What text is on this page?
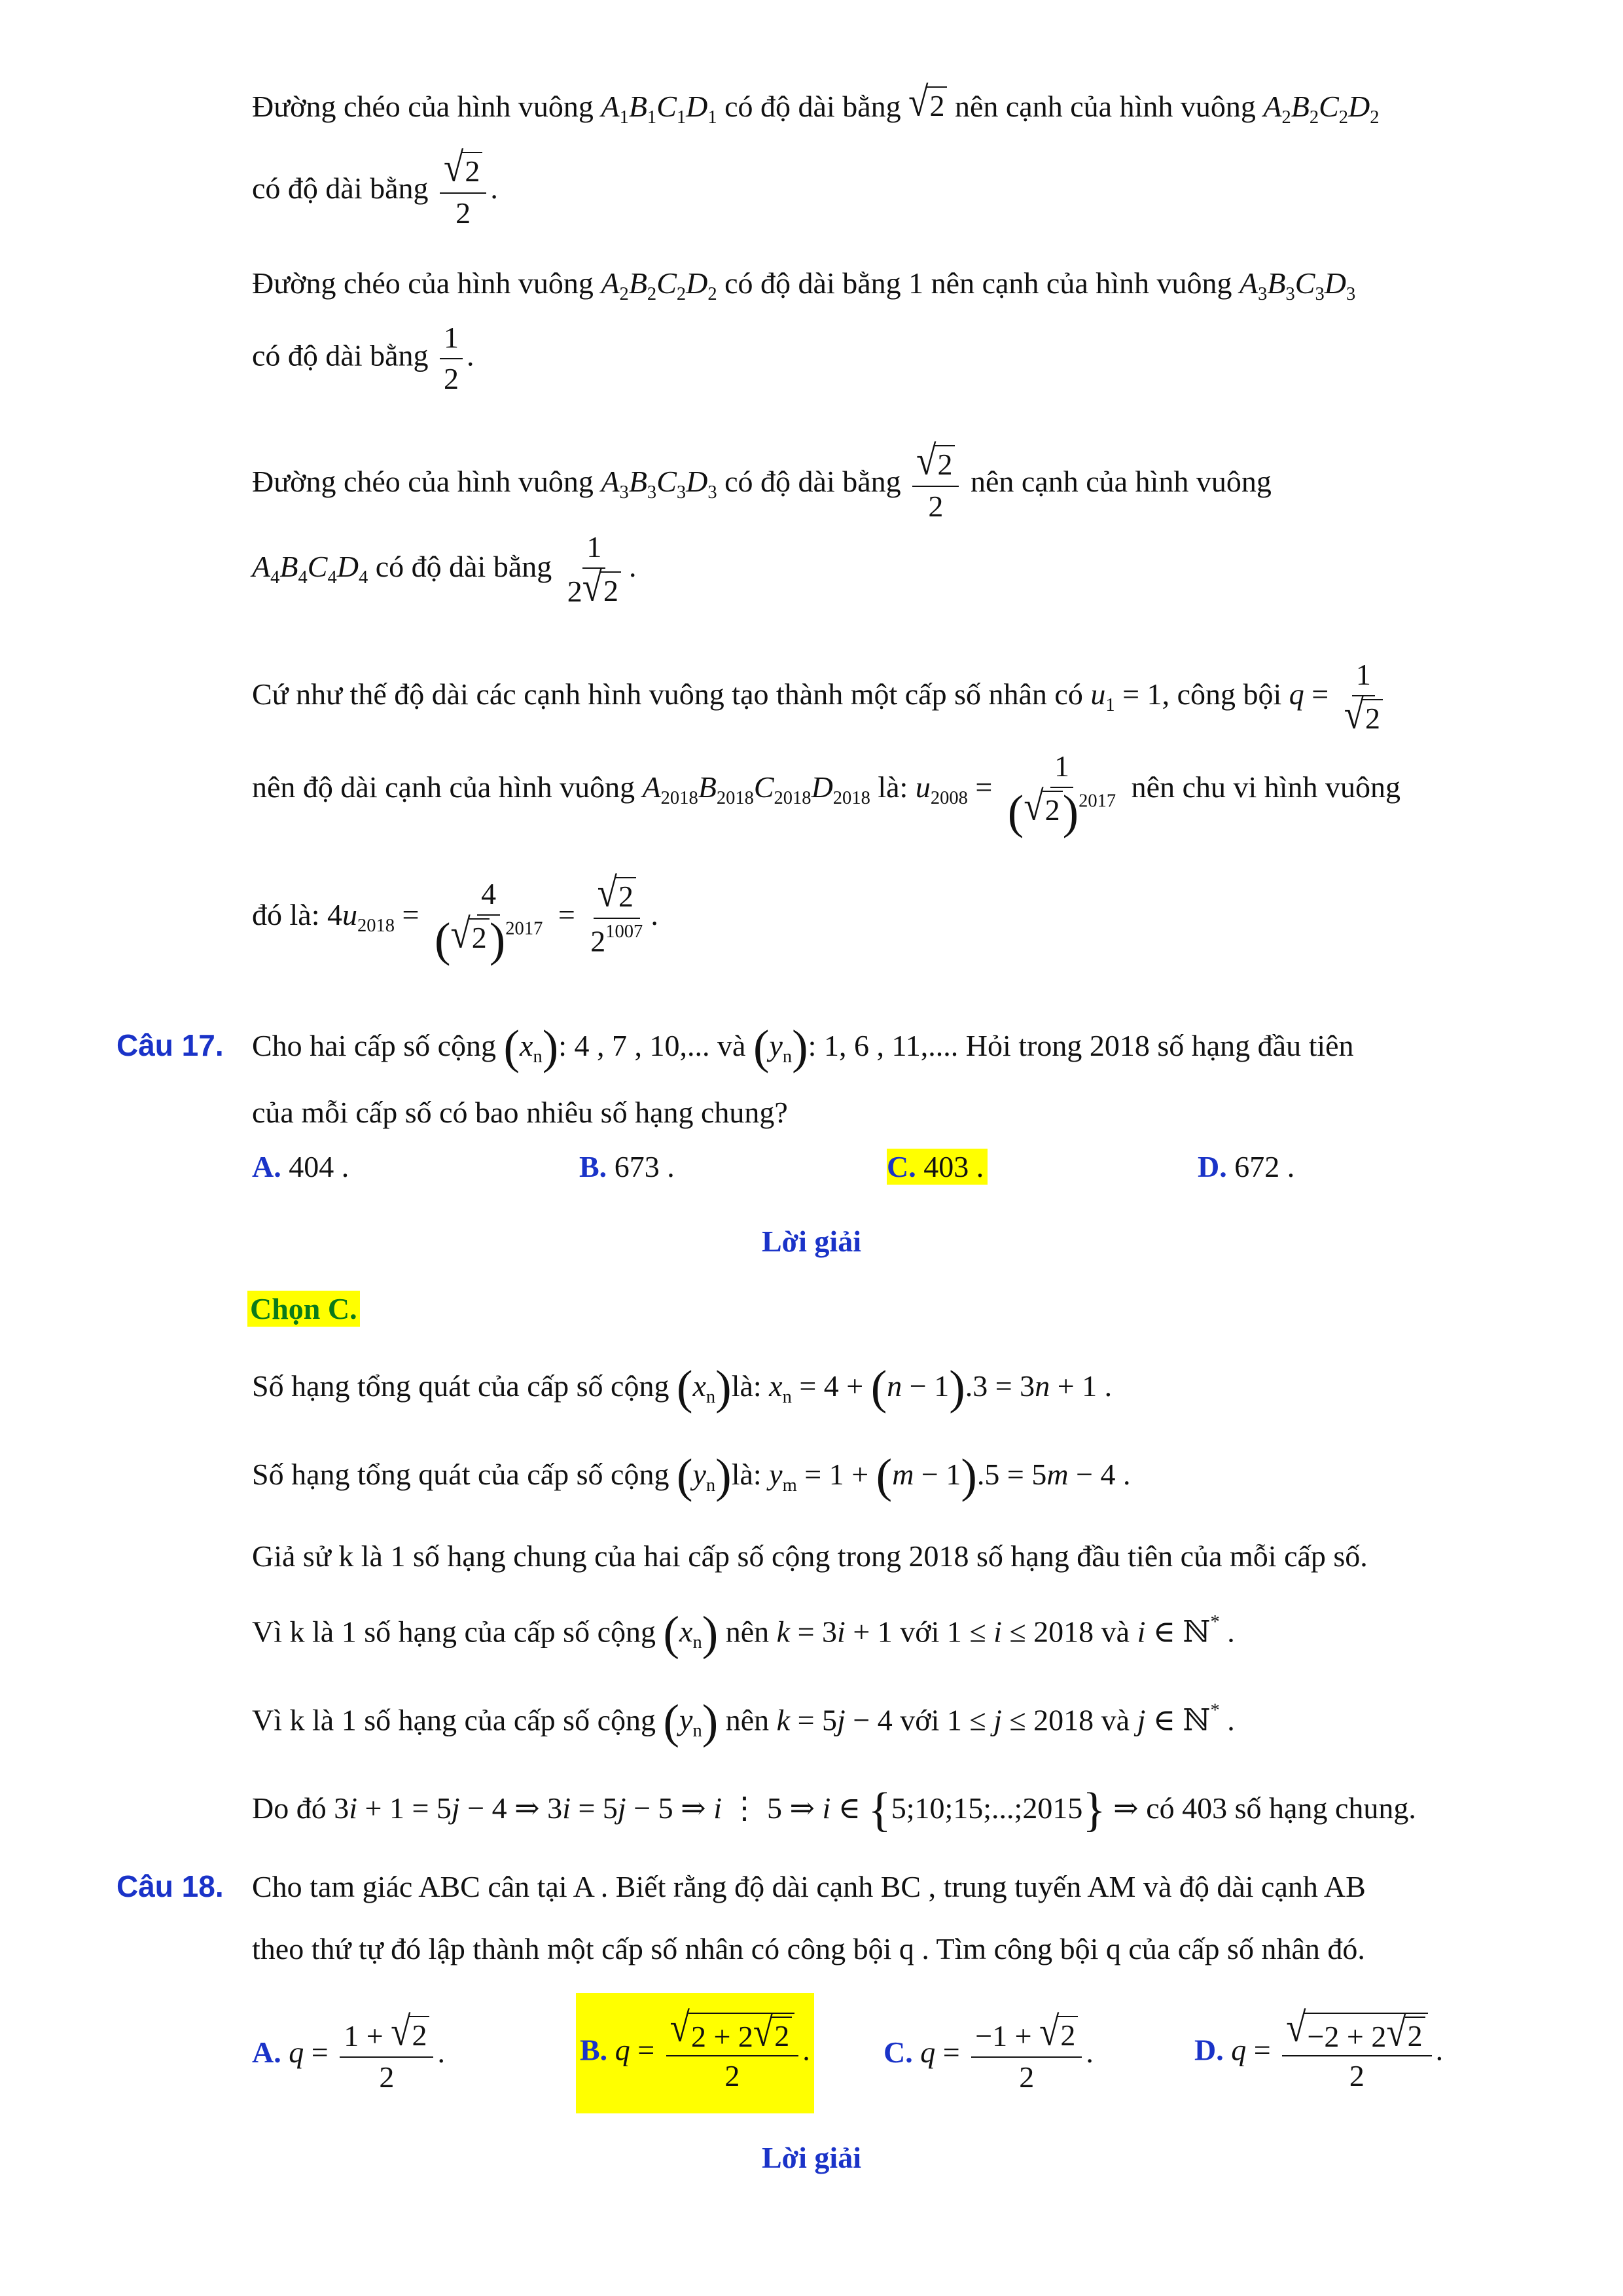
Đường chéo của hình vuông $A_1B_1C_1D_1$ có độ dài bằng √ 2 nên cạnh của hình vuông $A_2B_2C_2D_2$
có độ dài bằng $\frac{√ 2}{2}$ .
Đường chéo của hình vuông $A_2B_2C_2D_2$ có độ dài bằng 1 nên cạnh của hình vuông $A_3B_3C_3D_3$
có độ dài bằng $\frac{1}{2}$ .
Đường chéo của hình vuông $A_3B_3C_3D_3$ có độ dài bằng $\frac{√ 2}{2}$ nên cạnh của hình vuông
$A_4B_4C_4D_4$ có độ dài bằng $\frac{1}{2 √ 2}$ .
Cứ như thế độ dài các cạnh hình vuông tạo thành một cấp số nhân có $u_1 = 1$, công bội $q = \frac{1}{√ 2}$
nên độ dài cạnh của hình vuông $A_{2018}B_{2018}C_{2018}D_{2018}$ là: $u_{2008} = \frac{1}{( √ 2 )^{2017}}$ nên chu vi hình vuông
đó là: $4u_{2018} = \frac{4}{( √ 2 )^{2017}} = \frac{√ 2}{2^{1007}}$ .
Câu 17. Cho hai cấp số cộng $(x_n)$: 4 , 7 , 10,... và $(y_n)$: 1, 6 , 11,.... Hỏi trong 2018 số hạng đầu tiên
của mỗi cấp số có bao nhiêu số hạng chung?
A. 404 .	B. 673 .	C. 403 .	D. 672 .
Lời giải
Chọn C.
Số hạng tổng quát của cấp số cộng $(x_n)là$: $x_n = 4 + (n - 1).3 = 3n + 1$ .
Số hạng tổng quát của cấp số cộng $(y_n)là$: $y_m = 1 + (m - 1).5 = 5m - 4$ .
Giả sử k là 1 số hạng chung của hai cấp số cộng trong 2018 số hạng đầu tiên của mỗi cấp số.
Vì k là 1 số hạng của cấp số cộng $(x_n)$ nên k = 3i + 1 với 1 ≤ i ≤ 2018 và i ∈ ℕ* .
Vì k là 1 số hạng của cấp số cộng $(y_n)$ nên k = 5j − 4 với 1 ≤ j ≤ 2018 và j ∈ ℕ* .
Do đó 3i + 1 = 5j − 4 ⇒ 3i = 5j − 5 ⇒ i ⋮ 5 ⇒ i ∈ {5;10;15;...;2015} ⇒ có 403 số hạng chung.
Câu 18. Cho tam giác ABC cân tại A . Biết rằng độ dài cạnh BC , trung tuyến AM và độ dài cạnh AB
theo thứ tự đó lập thành một cấp số nhân có công bội q . Tìm công bội q của cấp số nhân đó.
A. $q = \frac{1 + √ 2}{2}$ .	B. $q = \frac{√ 2 + 2 √ 2}{2}$ . C. $q = \frac{-1 + √ 2}{2}$ .	D. $q = \frac{√ -2 + 2 √ 2}{2}$ .
Lời giải
